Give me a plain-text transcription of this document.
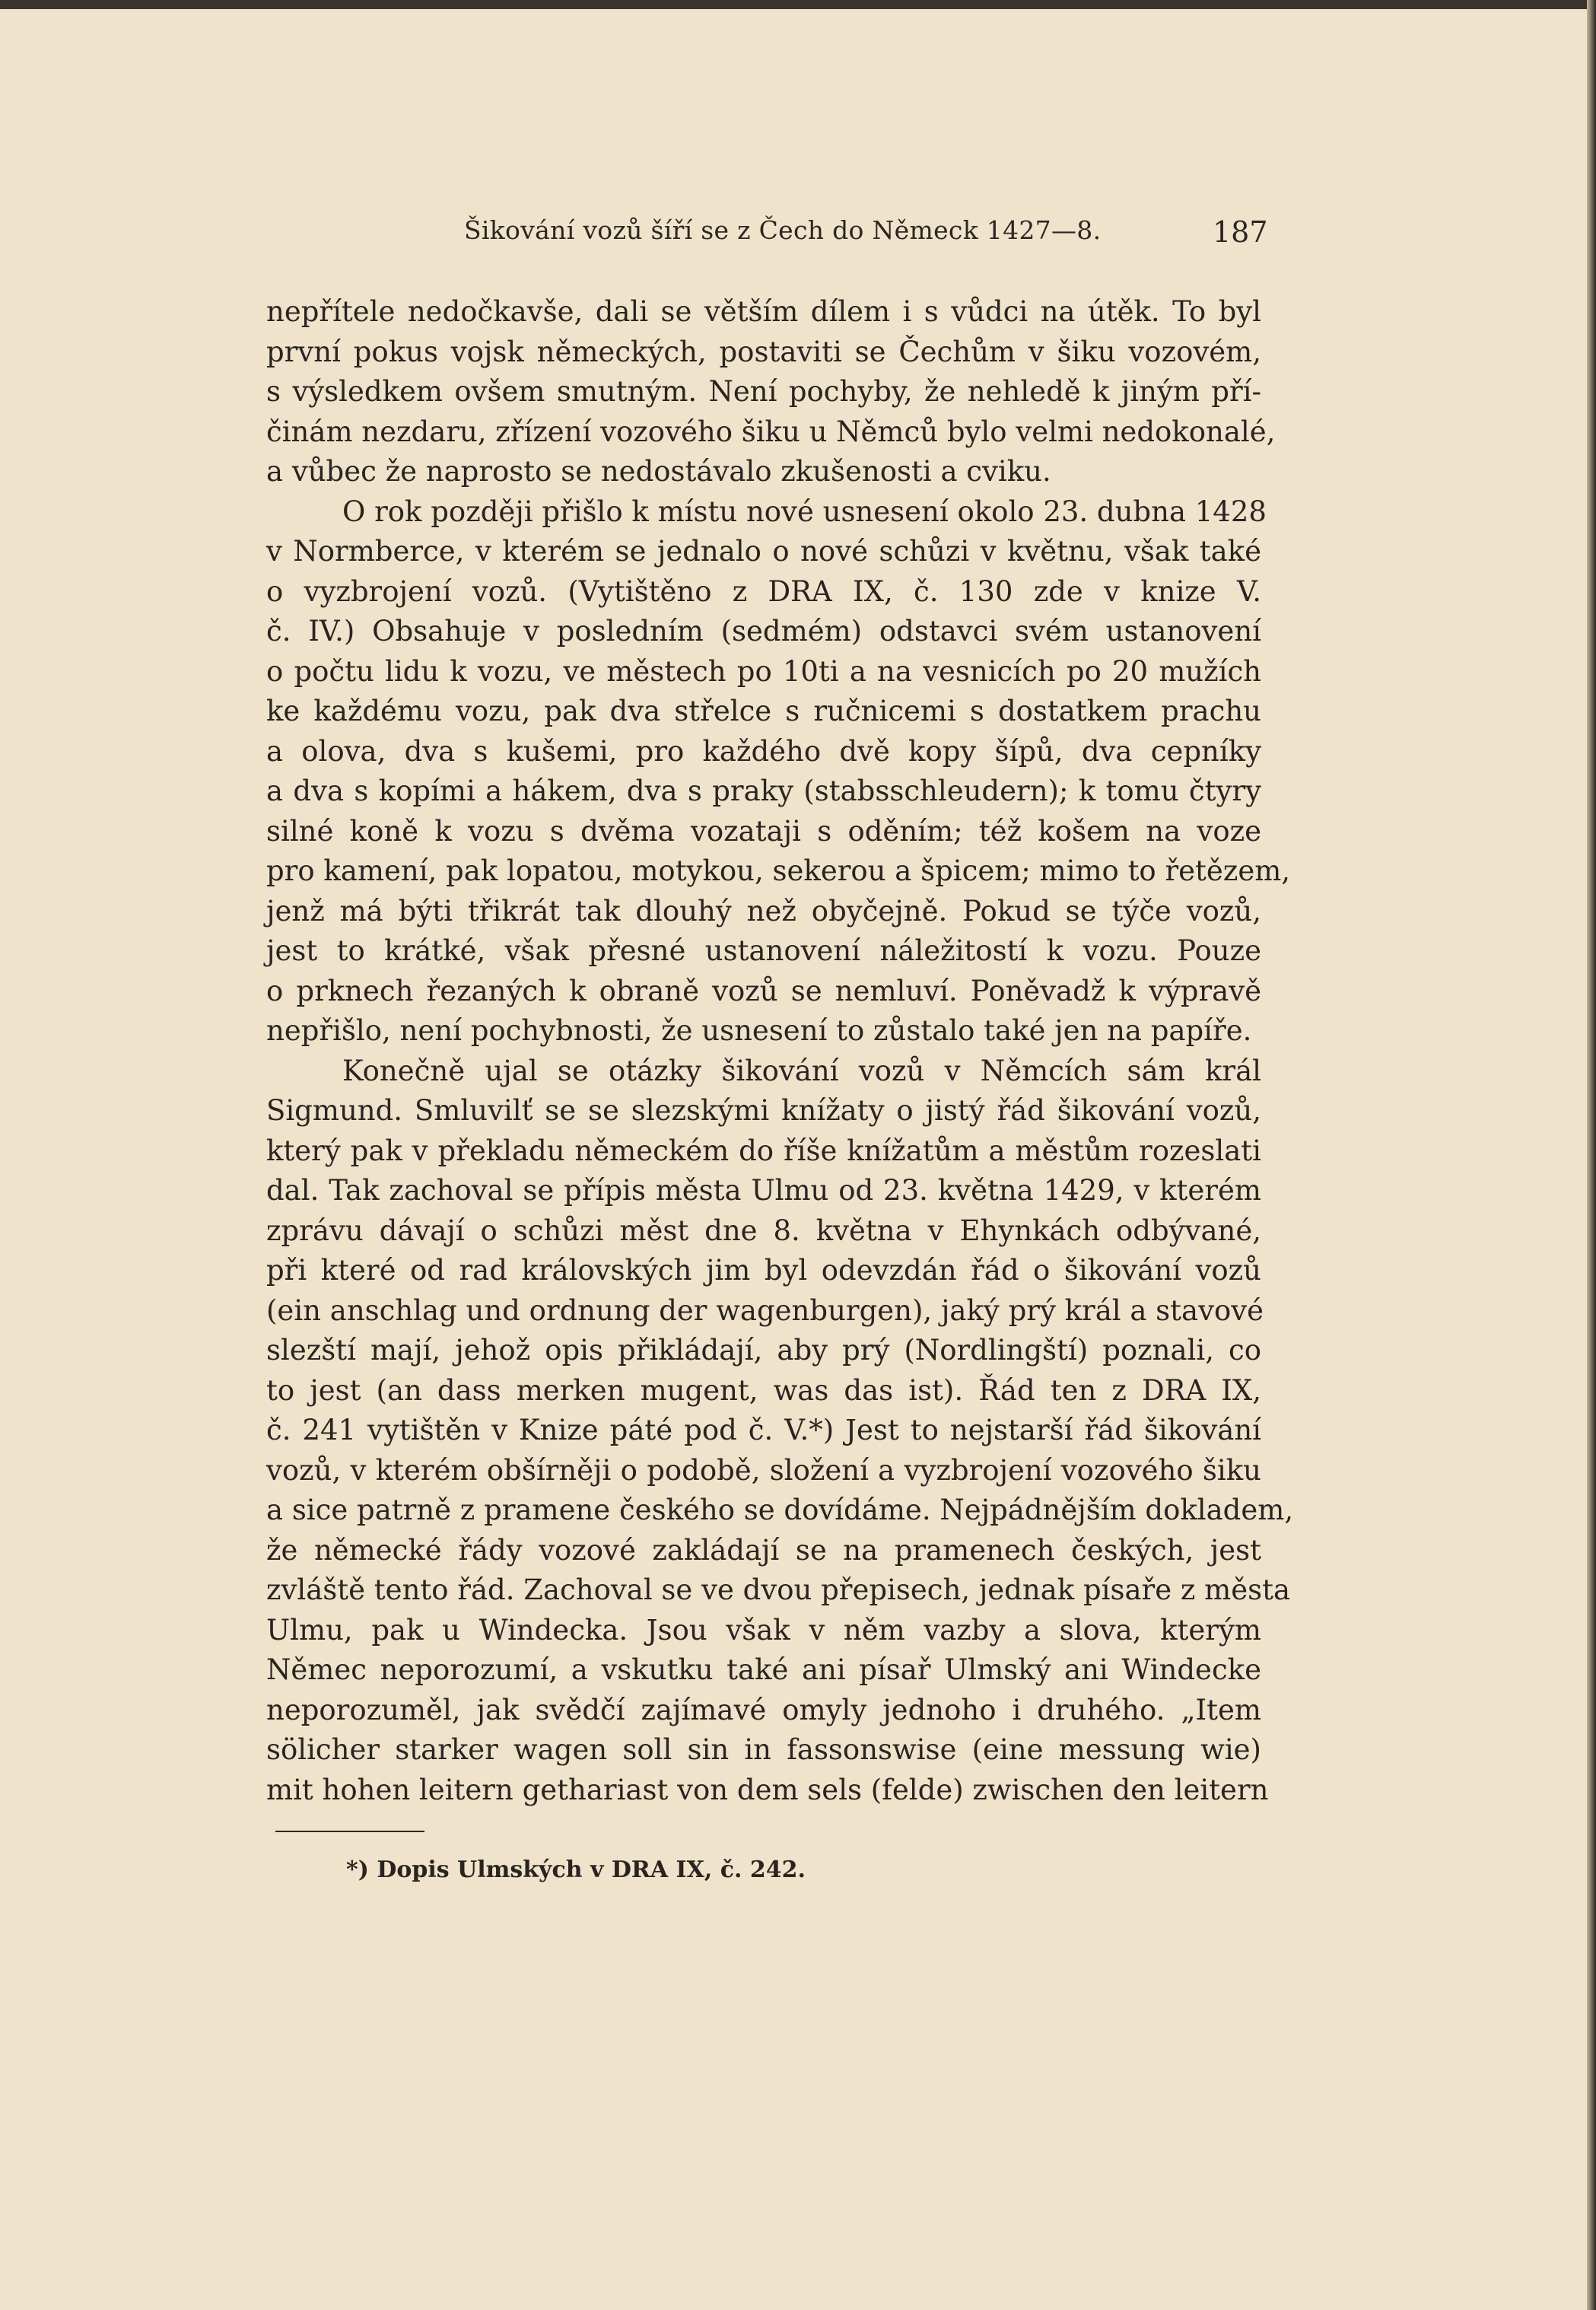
Šikování vozů šíří se z Čech do Německ 1427—8.	187
nepřítele nedočkavše, dali se větším dílem i s vůdci na útěk. To byl
první pokus vojsk německých, postaviti se Čechům v šiku vozovém,
s výsledkem ovšem smutným. Není pochyby, že nehledě k jiným pří-
činám nezdaru, zřízení vozového šiku u Němců bylo velmi nedokonalé,
a vůbec že naprosto se nedostávalo zkušenosti a cviku.
O rok později přišlo k místu nové usnesení okolo 23. dubna 1428
v Normberce, v kterém se jednalo o nové schůzi v květnu, však také
o vyzbrojení vozů. (Vytištěno z DRA IX, č. 130 zde v knize V.
č. IV.) Obsahuje v posledním (sedmém) odstavci svém ustanovení
o počtu lidu k vozu, ve městech po 10ti a na vesnicích po 20 mužích
ke každému vozu, pak dva střelce s ručnicemi s dostatkem prachu
a olova, dva s kušemi, pro každého dvě kopy šípů, dva cepníky
a dva s kopími a hákem, dva s praky (stabsschleudern); k tomu čtyry
silné koně k vozu s dvěma vozataji s oděním; též košem na voze
pro kamení, pak lopatou, motykou, sekerou a špicem; mimo to řetězem,
jenž má býti třikrát tak dlouhý než obyčejně. Pokud se týče vozů,
jest to krátké, však přesné ustanovení náležitostí k vozu. Pouze
o prknech řezaných k obraně vozů se nemluví. Poněvadž k výpravě
nepřišlo, není pochybnosti, že usnesení to zůstalo také jen na papíře.
Konečně ujal se otázky šikování vozů v Němcích sám král
Sigmund. Smluvilť se se slezskými knížaty o jistý řád šikování vozů,
který pak v překladu německém do říše knížatům a městům rozeslati
dal. Tak zachoval se přípis města Ulmu od 23. května 1429, v kterém
zprávu dávají o schůzi měst dne 8. května v Ehynkách odbývané,
při které od rad královských jim byl odevzdán řád o šikování vozů
(ein anschlag und ordnung der wagenburgen), jaký prý král a stavové
slezští mají, jehož opis přikládají, aby prý (Nordlingští) poznali, co
to jest (an dass merken mugent, was das ist). Řád ten z DRA IX,
č. 241 vytištěn v Knize páté pod č. V.*) Jest to nejstarší řád šikování
vozů, v kterém obšírněji o podobě, složení a vyzbrojení vozového šiku
a sice patrně z pramene českého se dovídáme. Nejpádnějším dokladem,
že německé řády vozové zakládají se na pramenech českých, jest
zvláště tento řád. Zachoval se ve dvou přepisech, jednak písaře z města
Ulmu, pak u Windecka. Jsou však v něm vazby a slova, kterým
Němec neporozumí, a vskutku také ani písař Ulmský ani Windecke
neporozuměl, jak svědčí zajímavé omyly jednoho i druhého. „Item
sölicher starker wagen soll sin in fassonswise (eine messung wie)
mit hohen leitern gethariast von dem sels (felde) zwischen den leitern
*) Dopis Ulmských v DRA IX, č. 242.
